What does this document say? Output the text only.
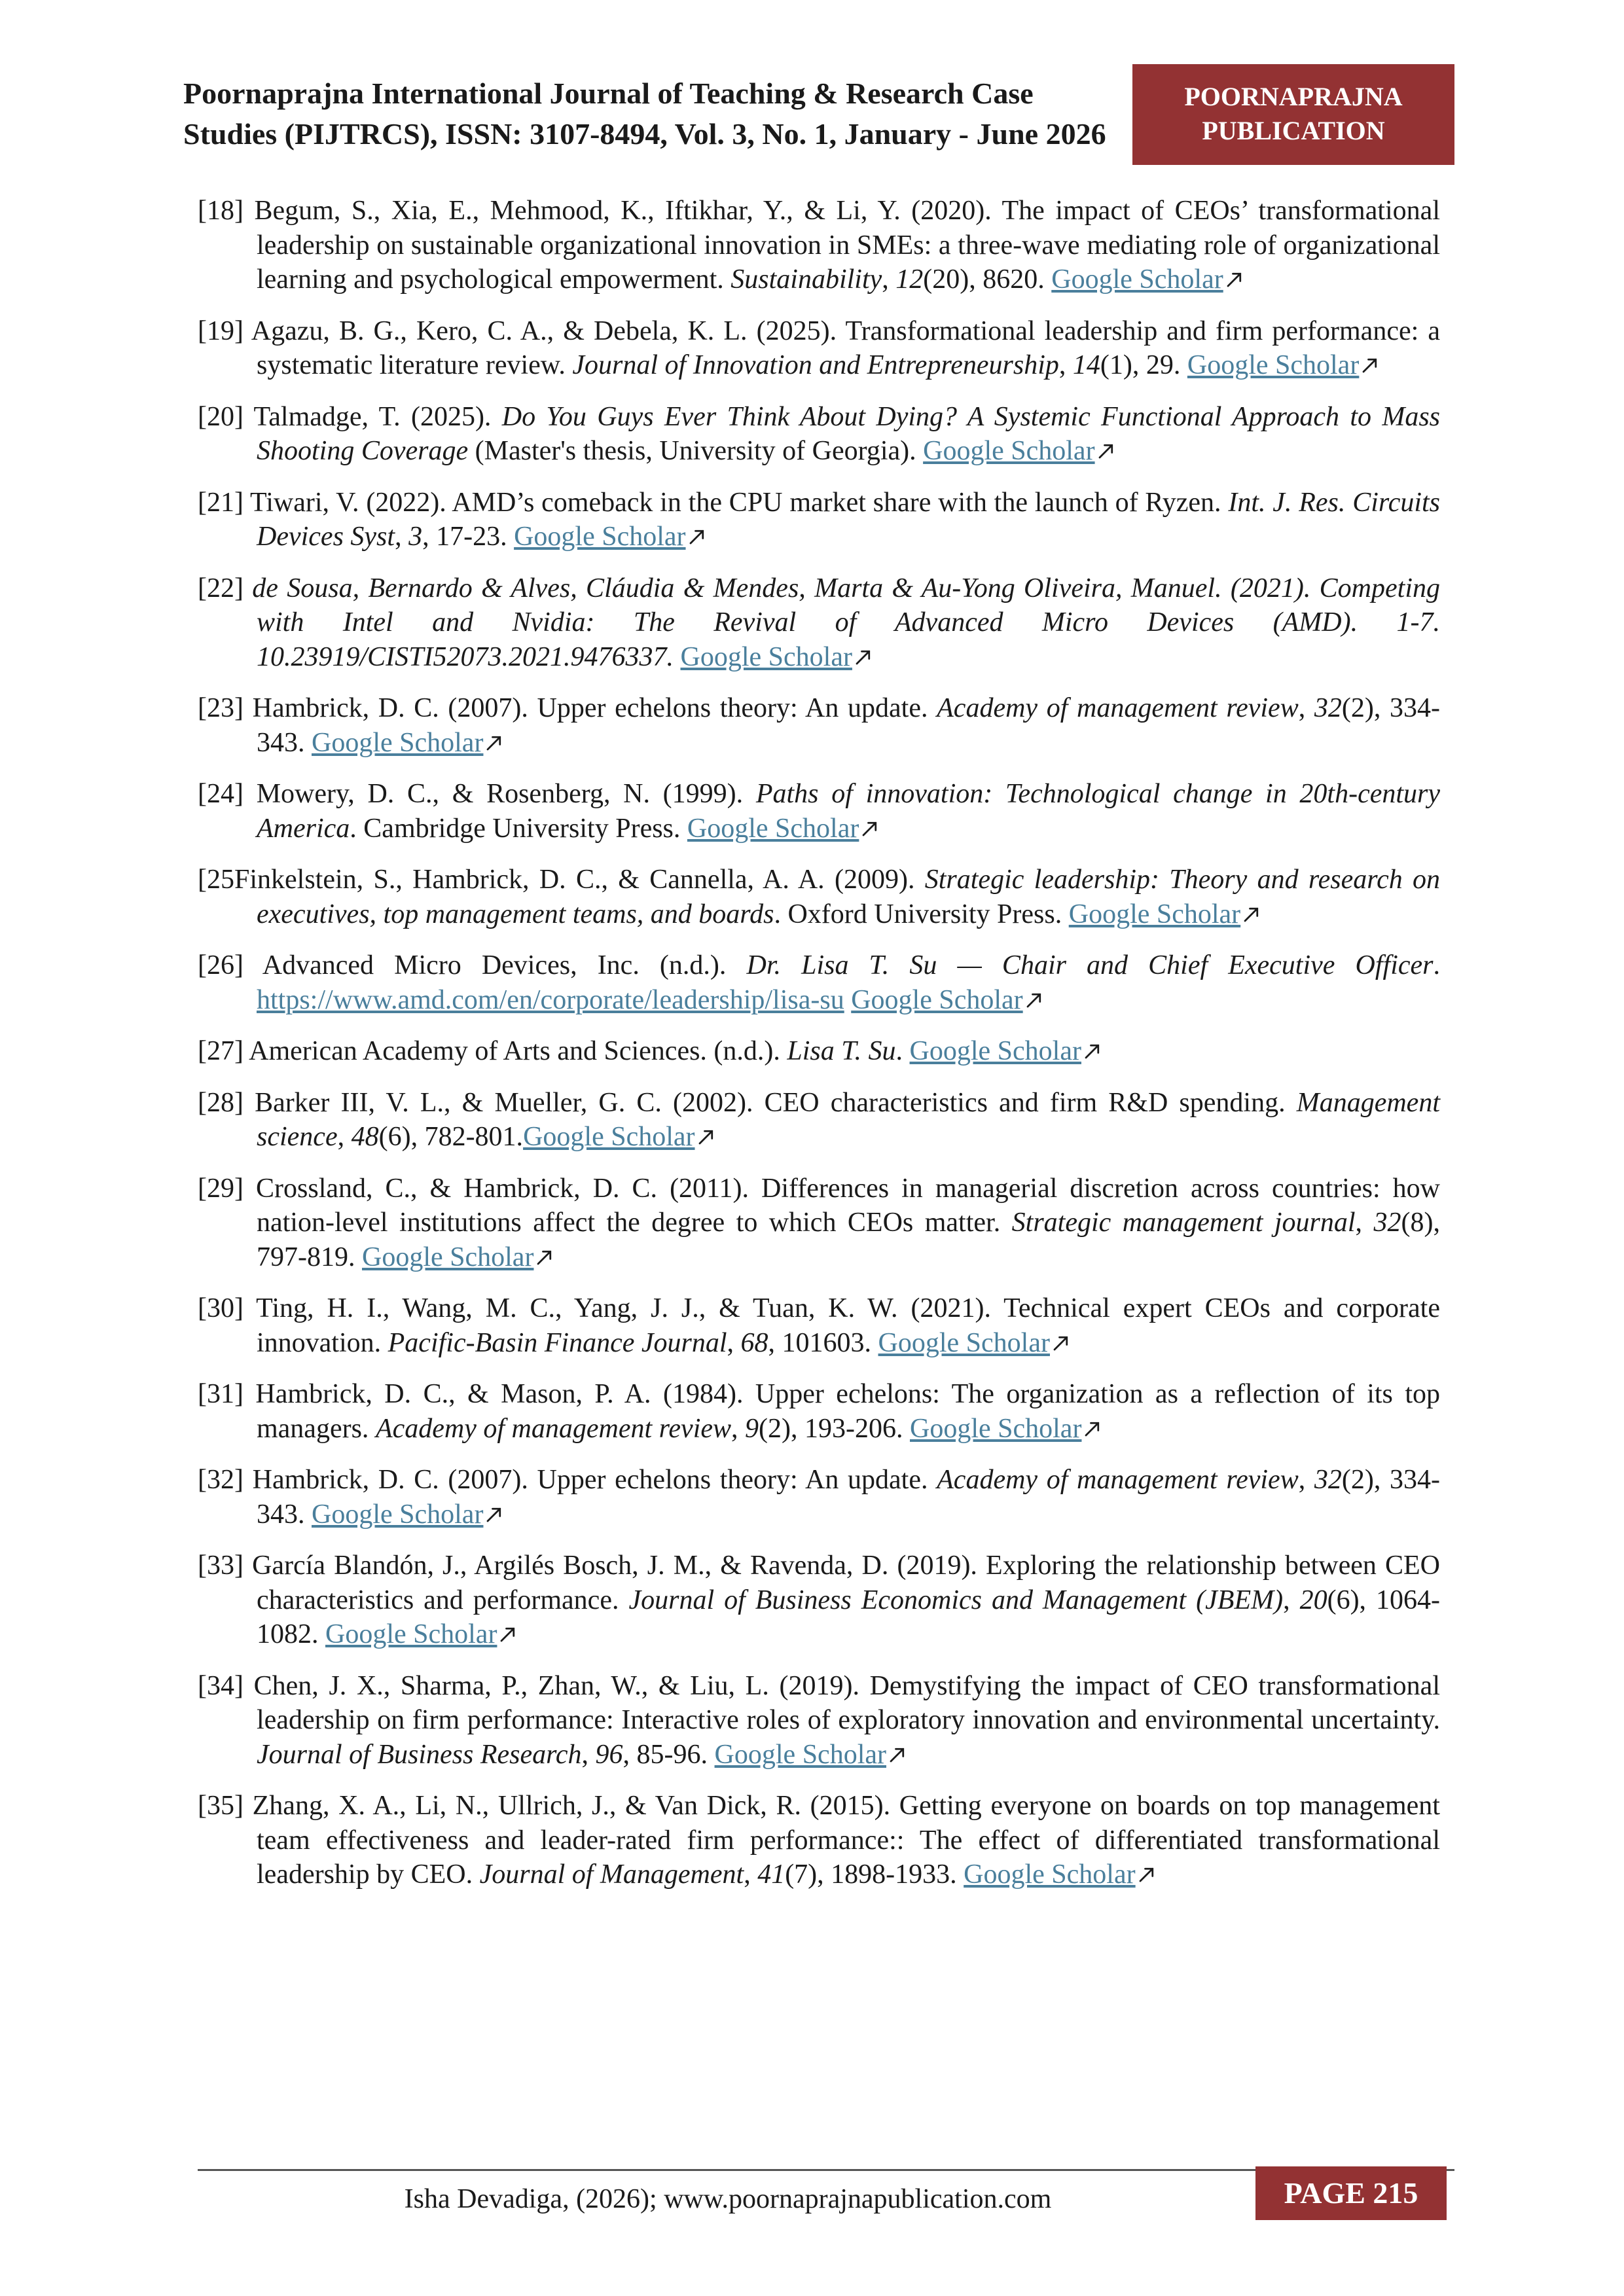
Poornaprajna International Journal of Teaching & Research Case
Studies (PIJTRCS), ISSN: 3107-8494, Vol. 3, No. 1, January - June 2026
POORNAPRAJNA
PUBLICATION

[18] Begum, S., Xia, E., Mehmood, K., Iftikhar, Y., & Li, Y. (2020). The impact of CEOs’ transformational leadership on sustainable organizational innovation in SMEs: a three-wave mediating role of organizational learning and psychological empowerment. Sustainability, 12(20), 8620. Google Scholar

[19] Agazu, B. G., Kero, C. A., & Debela, K. L. (2025). Transformational leadership and firm performance: a systematic literature review. Journal of Innovation and Entrepreneurship, 14(1), 29. Google Scholar

[20] Talmadge, T. (2025). Do You Guys Ever Think About Dying? A Systemic Functional Approach to Mass Shooting Coverage (Master's thesis, University of Georgia). Google Scholar

[21] Tiwari, V. (2022). AMD’s comeback in the CPU market share with the launch of Ryzen. Int. J. Res. Circuits Devices Syst, 3, 17-23. Google Scholar

[22] de Sousa, Bernardo & Alves, Cláudia & Mendes, Marta & Au-Yong Oliveira, Manuel. (2021). Competing with Intel and Nvidia: The Revival of Advanced Micro Devices (AMD). 1-7. 10.23919/CISTI52073.2021.9476337. Google Scholar

[23] Hambrick, D. C. (2007). Upper echelons theory: An update. Academy of management review, 32(2), 334-343. Google Scholar

[24] Mowery, D. C., & Rosenberg, N. (1999). Paths of innovation: Technological change in 20th-century America. Cambridge University Press. Google Scholar

[25Finkelstein, S., Hambrick, D. C., & Cannella, A. A. (2009). Strategic leadership: Theory and research on executives, top management teams, and boards. Oxford University Press. Google Scholar

[26] Advanced Micro Devices, Inc. (n.d.). Dr. Lisa T. Su — Chair and Chief Executive Officer. https://www.amd.com/en/corporate/leadership/lisa-su Google Scholar

[27] American Academy of Arts and Sciences. (n.d.). Lisa T. Su. Google Scholar

[28] Barker III, V. L., & Mueller, G. C. (2002). CEO characteristics and firm R&D spending. Management science, 48(6), 782-801.Google Scholar

[29] Crossland, C., & Hambrick, D. C. (2011). Differences in managerial discretion across countries: how nation-level institutions affect the degree to which CEOs matter. Strategic management journal, 32(8), 797-819. Google Scholar

[30] Ting, H. I., Wang, M. C., Yang, J. J., & Tuan, K. W. (2021). Technical expert CEOs and corporate innovation. Pacific-Basin Finance Journal, 68, 101603. Google Scholar

[31] Hambrick, D. C., & Mason, P. A. (1984). Upper echelons: The organization as a reflection of its top managers. Academy of management review, 9(2), 193-206. Google Scholar

[32] Hambrick, D. C. (2007). Upper echelons theory: An update. Academy of management review, 32(2), 334-343. Google Scholar

[33] García Blandón, J., Argilés Bosch, J. M., & Ravenda, D. (2019). Exploring the relationship between CEO characteristics and performance. Journal of Business Economics and Management (JBEM), 20(6), 1064-1082. Google Scholar

[34] Chen, J. X., Sharma, P., Zhan, W., & Liu, L. (2019). Demystifying the impact of CEO transformational leadership on firm performance: Interactive roles of exploratory innovation and environmental uncertainty. Journal of Business Research, 96, 85-96. Google Scholar

[35] Zhang, X. A., Li, N., Ullrich, J., & Van Dick, R. (2015). Getting everyone on boards on top management team effectiveness and leader-rated firm performance:: The effect of differentiated transformational leadership by CEO. Journal of Management, 41(7), 1898-1933. Google Scholar

Isha Devadiga, (2026); www.poornaprajnapublication.com	PAGE 215
